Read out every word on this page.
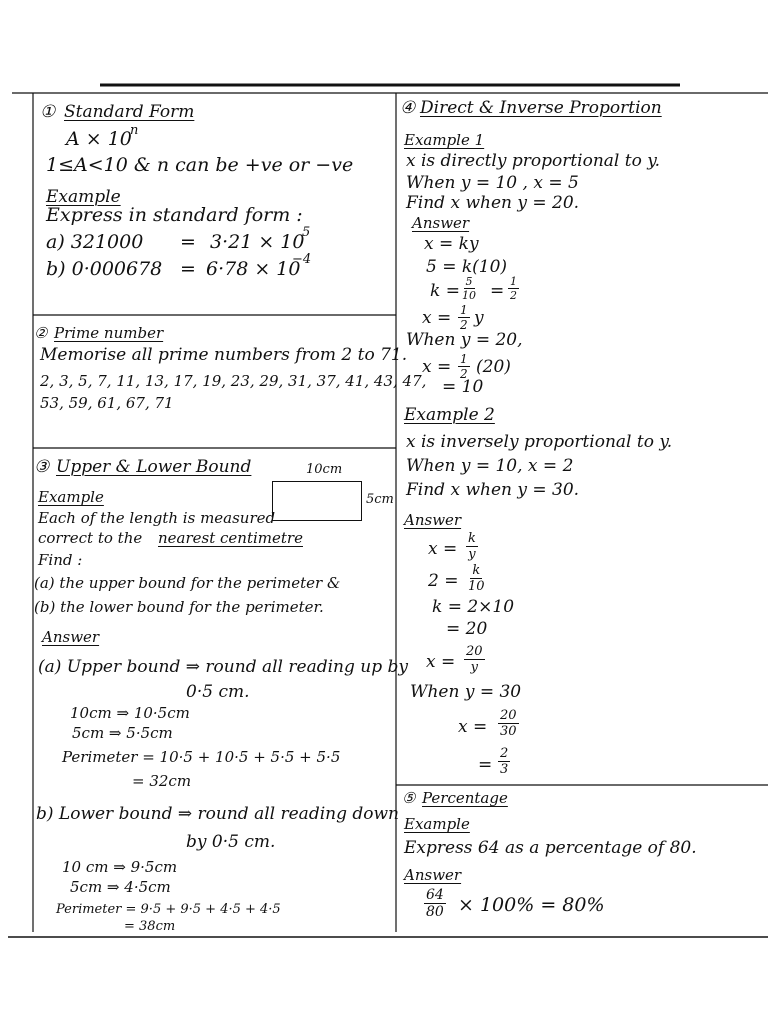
① Standard Form
A × 10
n
1≤A<10 & n can be +ve or −ve
Example
Express in standard form :
a) 321000 = 3·21 × 10
5
b) 0·000678 = 6·78 × 10
−4
② Prime number
Memorise all prime numbers from 2 to 71.
2, 3, 5, 7, 11, 13, 17, 19, 23, 29, 31, 37, 41, 43, 47,
53, 59, 61, 67, 71
③ Upper & Lower Bound	10cm
5cm
Example
Each of the length is measured
correct to the nearest centimetre
Find :
(a) the upper bound for the perimeter &
(b) the lower bound for the perimeter.
Answer
(a) Upper bound ⇒ round all reading up by
0·5 cm.
10cm ⇒ 10·5cm
5cm ⇒ 5·5cm
Perimeter = 10·5 + 10·5 + 5·5 + 5·5
= 32cm
b) Lower bound ⇒ round all reading down
by 0·5 cm.
10 cm ⇒ 9·5cm
5cm ⇒ 4·5cm
Perimeter = 9·5 + 9·5 + 4·5 + 4·5
= 38cm
④ Direct & Inverse Proportion
Example 1
x is directly proportional to y.
When y = 10 , x = 5
Find x when y = 20.
Answer
x = ky
5 = k(10)
$k = \frac{5}{10} = \frac{1}{2}$
$x = \frac{1}{2}$ y
When y = 20,
$x = \frac{1}{2} (20)$
= 10
Example 2
x is inversely proportional to y.
When y = 10, x = 2
Find x when y = 30.
Answer
$x = \frac{k}{y}$
$2 = \frac{k}{10}$
k = 2×10
= 20
$x = \frac{20}{y}$
When y = 30
$x = \frac{20}{30}$
= $\frac{2}{3}$
⑤ Percentage
Example
Express 64 as a percentage of 80.
Answer
$\frac{64}{80} \times 100\% = 80\%$
